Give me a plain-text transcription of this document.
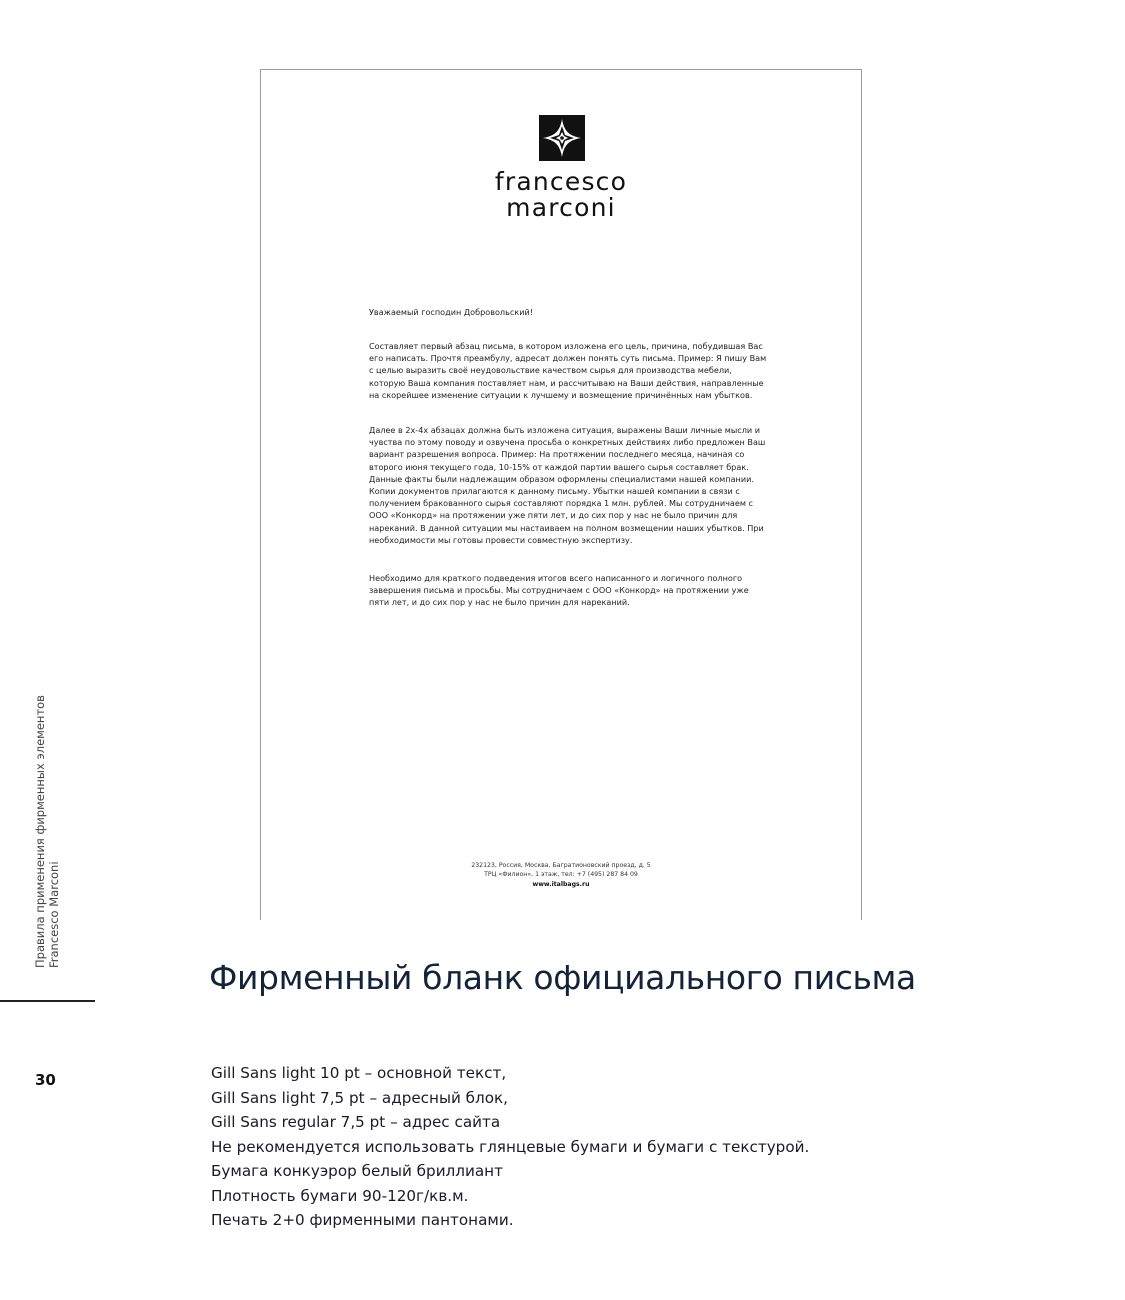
francesco
marconi
Уважаемый господин Добровольский!
Составляет первый абзац письма, в котором изложена его цель, причина, побудившая Вас его написать. Прочтя преамбулу, адресат должен понять суть письма. Пример: Я пишу Вам с целью выразить своё неудовольствие качеством сырья для производства мебели, которую Ваша компания поставляет нам, и рассчитываю на Ваши действия, направленные на скорейшее изменение ситуации к лучшему и возмещение причинённых нам убытков.
Далее в 2х-4х абзацах должна быть изложена ситуация, выражены Ваши личные мысли и чувства по этому поводу и озвучена просьба о конкретных действиях либо предложен Ваш вариант разрешения вопроса. Пример: На протяжении последнего месяца, начиная со второго июня текущего года, 10-15% от каждой партии вашего сырья составляет брак. Данные факты были надлежащим образом оформлены специалистами нашей компании. Копии документов прилагаются к данному письму. Убытки нашей компании в связи с получением бракованного сырья составляют порядка 1 млн. рублей. Мы сотрудничаем с ООО «Конкорд» на протяжении уже пяти лет, и до сих пор у нас не было причин для нареканий. В данной ситуации мы настаиваем на полном возмещении наших убытков. При необходимости мы готовы провести совместную экспертизу.
Необходимо для краткого подведения итогов всего написанного и логичного полного завершения письма и просьбы. Мы сотрудничаем с ООО «Конкорд» на протяжении уже пяти лет, и до сих пор у нас не было причин для нареканий.
232123, Россия, Москва, Багратионовский проезд, д. 5
ТРЦ «Филион», 1 этаж, тел: +7 (495) 287 84 09
www.italbags.ru
Правила применения фирменных элементов Francesco Marconi
30
Фирменный бланк официального письма
Gill Sans light 10 pt – основной текст,
Gill Sans light 7,5 pt – адресный блок,
Gill Sans regular 7,5 pt – адрес сайта
Не рекомендуется использовать глянцевые бумаги и бумаги с текстурой.
Бумага конкуэрор белый бриллиант
Плотность бумаги 90-120г/кв.м.
Печать 2+0 фирменными пантонами.
